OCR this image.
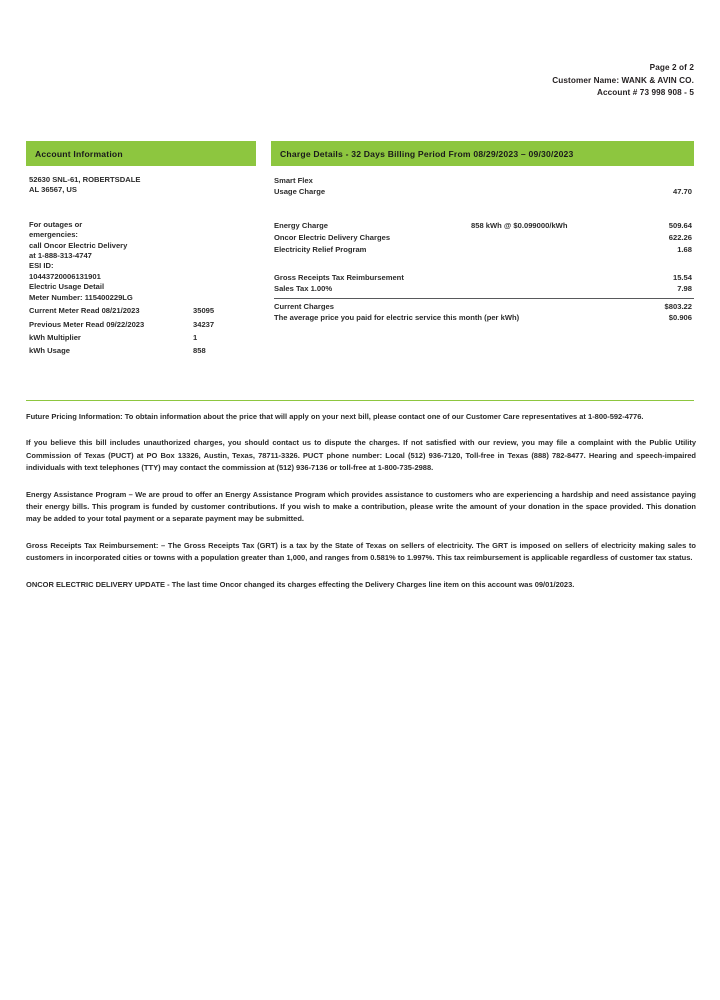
Page 2 of 2
Customer Name: WANK & AVIN CO.
Account # 73 998 908 - 5
Account Information
52630 SNL-61, ROBERTSDALE
AL 36567, US
For outages or
emergencies:
call Oncor Electric Delivery
at 1-888-313-4747
ESI ID:
10443720006131901
Electric Usage Detail
Meter Number: 115400229LG
Current Meter Read 08/21/2023	35095
Previous Meter Read 09/22/2023	34237
kWh Multiplier	1
kWh Usage	858
Charge Details - 32 Days Billing Period From 08/29/2023 – 09/30/2023
Smart Flex
Usage Charge	47.70
Energy Charge	858 kWh @ $0.099000/kWh	509.64
Oncor Electric Delivery Charges	622.26
Electricity Relief Program	1.68
Gross Receipts Tax Reimbursement	15.54
Sales Tax 1.00%	7.98
Current Charges	$803.22
The average price you paid for electric service this month (per kWh)	$0.906

Future Pricing Information: To obtain information about the price that will apply on your next bill, please contact one of our Customer Care representatives at 1-800-592-4776.

If you believe this bill includes unauthorized charges, you should contact us to dispute the charges. If not satisfied with our review, you may file a complaint with the Public Utility Commission of Texas (PUCT) at PO Box 13326, Austin, Texas, 78711-3326. PUCT phone number: Local (512) 936-7120, Toll-free in Texas (888) 782-8477. Hearing and speech-impaired individuals with text telephones (TTY) may contact the commission at (512) 936-7136 or toll-free at 1-800-735-2988.

Energy Assistance Program – We are proud to offer an Energy Assistance Program which provides assistance to customers who are experiencing a hardship and need assistance paying their energy bills. This program is funded by customer contributions. If you wish to make a contribution, please write the amount of your donation in the space provided. This donation may be added to your total payment or a separate payment may be submitted.

Gross Receipts Tax Reimbursement: – The Gross Receipts Tax (GRT) is a tax by the State of Texas on sellers of electricity. The GRT is imposed on sellers of electricity making sales to customers in incorporated cities or towns with a population greater than 1,000, and ranges from 0.581% to 1.997%. This tax reimbursement is applicable regardless of customer tax status.

ONCOR ELECTRIC DELIVERY UPDATE - The last time Oncor changed its charges effecting the Delivery Charges line item on this account was 09/01/2023.
